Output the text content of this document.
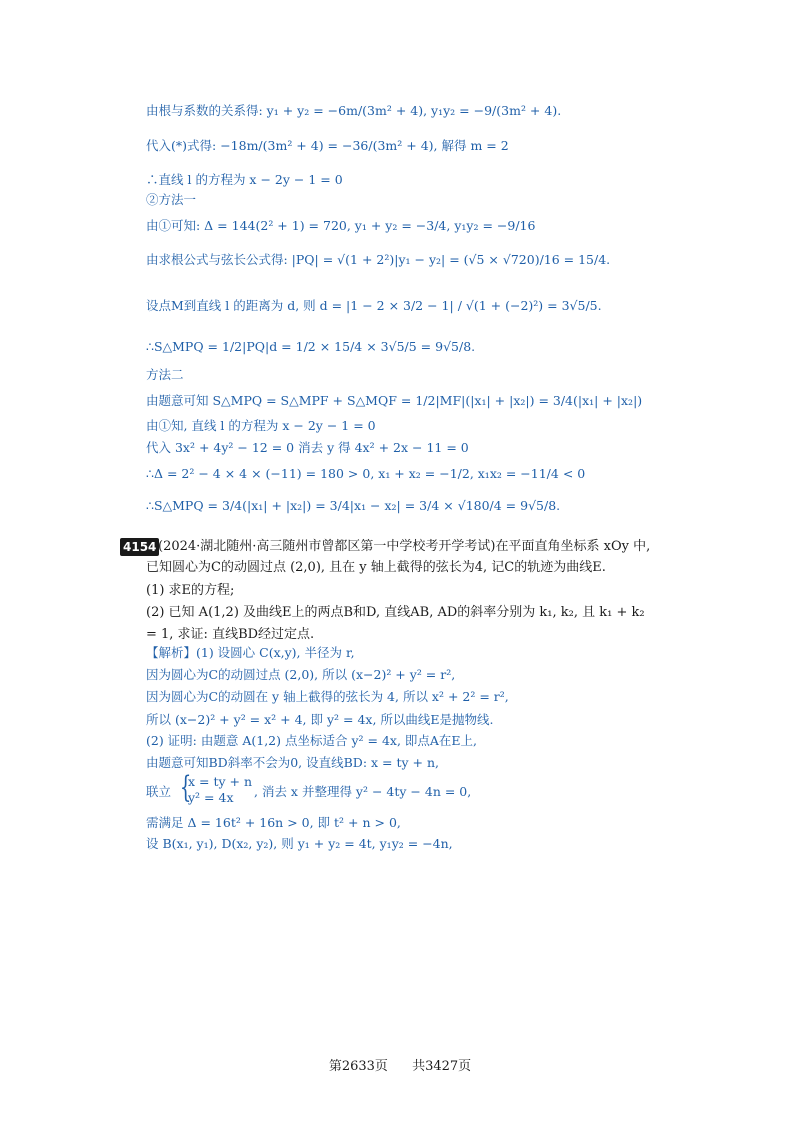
由根与系数的关系得: y₁ + y₂ = −6m/(3m² + 4), y₁y₂ = −9/(3m² + 4).
代入(*)式得: −18m/(3m² + 4) = −36/(3m² + 4), 解得 m = 2
∴直线 l 的方程为 x − 2y − 1 = 0
②方法一
由①可知: Δ = 144(2² + 1) = 720, y₁ + y₂ = −3/4, y₁y₂ = −9/16
由求根公式与弦长公式得: |PQ| = √(1 + 2²)|y₁ − y₂| = (√5 × √720)/16 = 15/4.
设点M到直线 l 的距离为 d, 则 d = |1 − 2 × 3/2 − 1| / √(1 + (−2)²) = 3√5/5.
∴S△MPQ = 1/2|PQ|d = 1/2 × 15/4 × 3√5/5 = 9√5/8.
方法二
由题意可知 S△MPQ = S△MPF + S△MQF = 1/2|MF|(|x₁| + |x₂|) = 3/4(|x₁| + |x₂|)
由①知, 直线 l 的方程为 x − 2y − 1 = 0
代入 3x² + 4y² − 12 = 0 消去 y 得 4x² + 2x − 11 = 0
∴Δ = 2² − 4 × 4 × (−11) = 180 > 0, x₁ + x₂ = −1/2, x₁x₂ = −11/4 < 0
∴S△MPQ = 3/4(|x₁| + |x₂|) = 3/4|x₁ − x₂| = 3/4 × √180/4 = 9√5/8.
4154 (2024·湖北随州·高三随州市曾都区第一中学校考开学考试)在平面直角坐标系 xOy 中,
已知圆心为C的动圆过点 (2,0), 且在 y 轴上截得的弦长为4, 记C的轨迹为曲线E.
(1) 求E的方程;
(2) 已知 A(1,2) 及曲线E上的两点B和D, 直线AB, AD的斜率分别为 k₁, k₂, 且 k₁ + k₂
= 1, 求证: 直线BD经过定点.
【解析】(1) 设圆心 C(x,y), 半径为 r,
因为圆心为C的动圆过点 (2,0), 所以 (x−2)² + y² = r²,
因为圆心为C的动圆在 y 轴上截得的弦长为 4, 所以 x² + 2² = r²,
所以 (x−2)² + y² = x² + 4, 即 y² = 4x, 所以曲线E是抛物线.
(2) 证明: 由题意 A(1,2) 点坐标适合 y² = 4x, 即点A在E上,
由题意可知BD斜率不会为0, 设直线BD: x = ty + n,
联立 {
x = ty + n
y² = 4x , 消去 x 并整理得 y² − 4ty − 4n = 0,
需满足 Δ = 16t² + 16n > 0, 即 t² + n > 0,
设 B(x₁, y₁), D(x₂, y₂), 则 y₁ + y₂ = 4t, y₁y₂ = −4n,
第2633页 共3427页
